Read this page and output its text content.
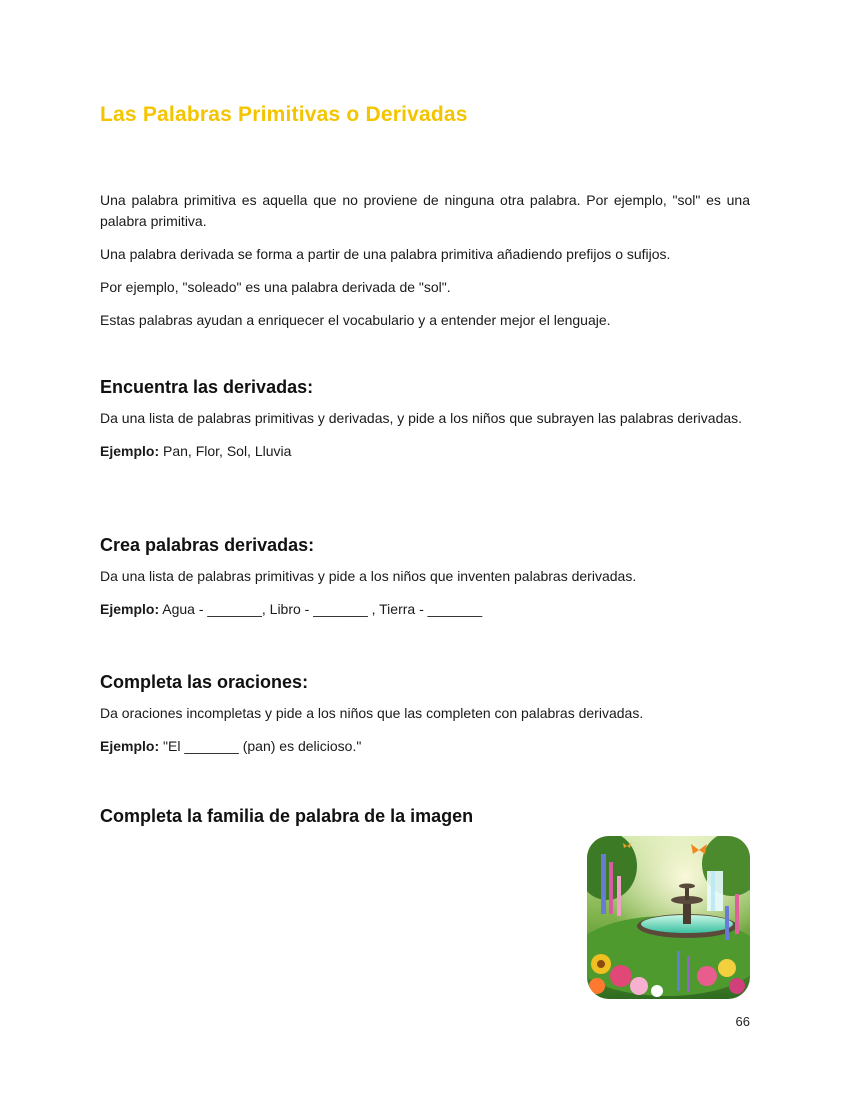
Las Palabras Primitivas o Derivadas

Una palabra primitiva es aquella que no proviene de ninguna otra palabra. Por ejemplo, "sol" es una palabra primitiva.

Una palabra derivada se forma a partir de una palabra primitiva añadiendo prefijos o sufijos.

Por ejemplo, "soleado" es una palabra derivada de "sol".

Estas palabras ayudan a enriquecer el vocabulario y a entender mejor el lenguaje.

Encuentra las derivadas:

Da una lista de palabras primitivas y derivadas, y pide a los niños que subrayen las palabras derivadas.

Ejemplo: Pan, Flor, Sol, Lluvia

Crea palabras derivadas:

Da una lista de palabras primitivas y pide a los niños que inventen palabras derivadas.

Ejemplo: Agua - _______, Libro - _______ , Tierra - _______

Completa las oraciones:

Da oraciones incompletas y pide a los niños que las completen con palabras derivadas.

Ejemplo: "El _______ (pan) es delicioso."

Completa la familia de palabra de la imagen
66
